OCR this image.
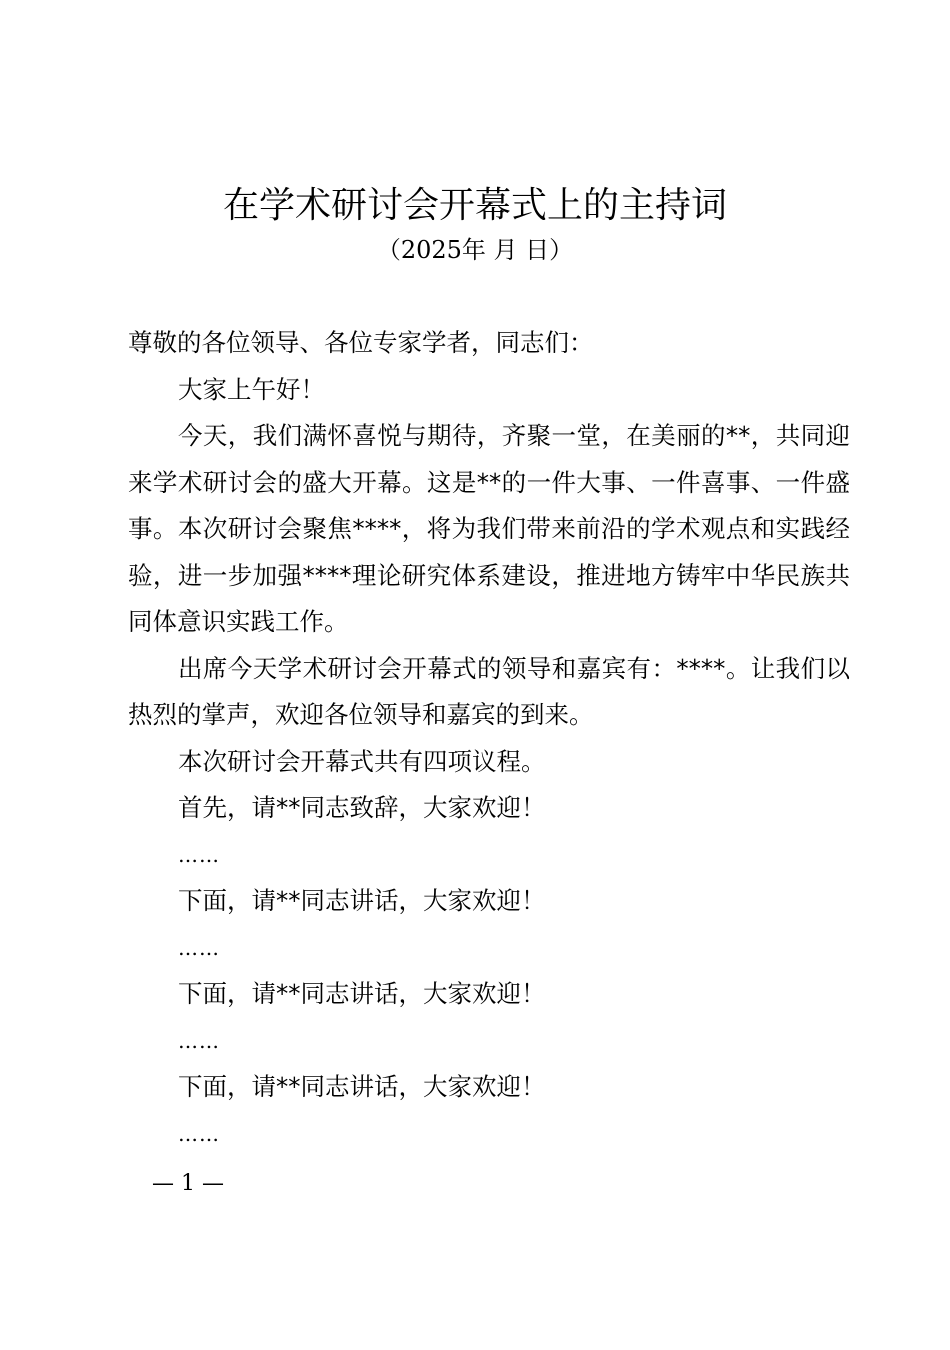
在学术研讨会开幕式上的主持词
（2025年 月 日）

尊敬的各位领导、各位专家学者，同志们：

大家上午好！

今天，我们满怀喜悦与期待，齐聚一堂，在美丽的**，共同迎来学术研讨会的盛大开幕。这是**的一件大事、一件喜事、一件盛事。本次研讨会聚焦****，将为我们带来前沿的学术观点和实践经验，进一步加强****理论研究体系建设，推进地方铸牢中华民族共同体意识实践工作。

出席今天学术研讨会开幕式的领导和嘉宾有：****。让我们以热烈的掌声，欢迎各位领导和嘉宾的到来。

本次研讨会开幕式共有四项议程。

首先，请**同志致辞，大家欢迎！

……

下面，请**同志讲话，大家欢迎！

……

下面，请**同志讲话，大家欢迎！

……

下面，请**同志讲话，大家欢迎！

……

— 1 —
